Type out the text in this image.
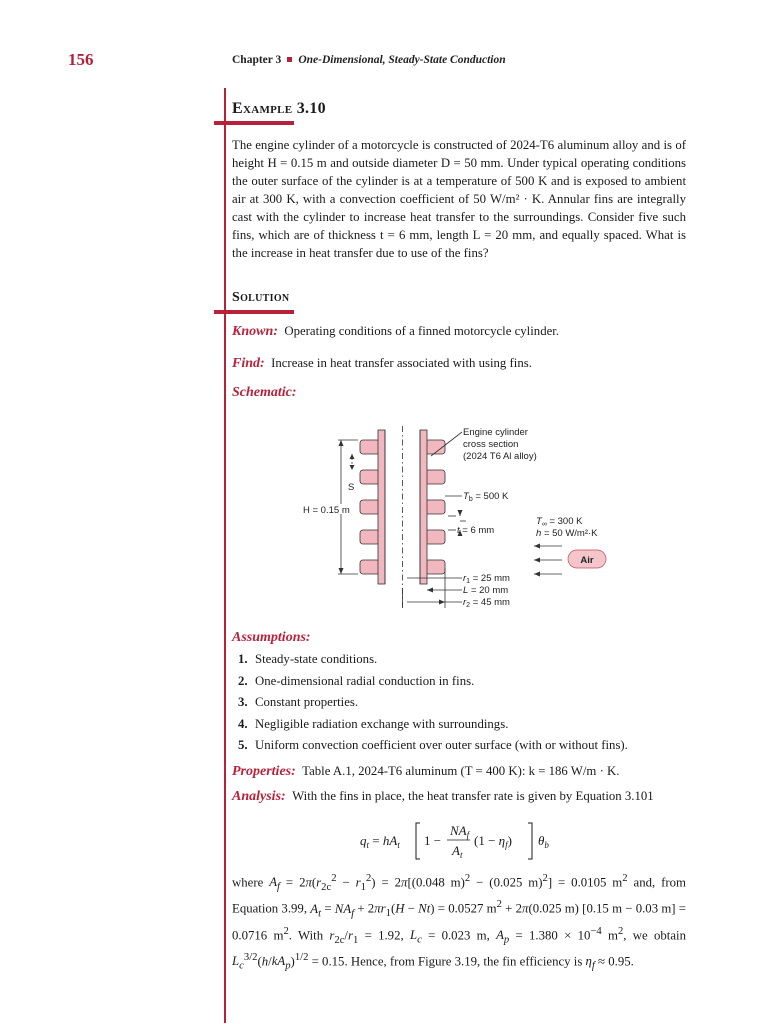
156	Chapter 3 One-Dimensional, Steady-State Conduction
Example 3.10
The engine cylinder of a motorcycle is constructed of 2024-T6 aluminum alloy and is of height H = 0.15 m and outside diameter D = 50 mm. Under typical operating conditions the outer surface of the cylinder is at a temperature of 500 K and is exposed to ambient air at 300 K, with a convection coefficient of 50 W/m² · K. Annular fins are integrally cast with the cylinder to increase heat transfer to the surroundings. Consider five such fins, which are of thickness t = 6 mm, length L = 20 mm, and equally spaced. What is the increase in heat transfer due to use of the fins?
Solution
Known: Operating conditions of a finned motorcycle cylinder.
Find: Increase in heat transfer associated with using fins.
Schematic:
Engine cylinder
cross section
(2024 T6 Al alloy)
$T_b = 500$ K
H = 0.15 m
S
t = 6 mm
$T_\infty = 300$ K
h = 50 W/m²·K
Air
$r_1 = 25$ mm
L = 20 mm
$r_2 = 45$ mm
Assumptions:
1. Steady-state conditions.
2. One-dimensional radial conduction in fins.
3. Constant properties.
4. Negligible radiation exchange with surroundings.
5. Uniform convection coefficient over outer surface (with or without fins).
Properties: Table A.1, 2024-T6 aluminum (T = 400 K): k = 186 W/m · K.
Analysis: With the fins in place, the heat transfer rate is given by Equation 3.101
$q_t = hA_t$ 1 −
$NA_f$
$A_t$
$(1 - \eta_f)$ $\theta_b$
where $A_f = 2\pi(r_{2c}^2 - r_1^2) = 2\pi[(0.048$ m)$^2$ − (0.025 m)$^2$] = 0.0105 $m^2$ and, from Equation 3.99, $A_t = NA_f + 2\pi r_1(H - Nt) = 0.0527$ $m^2 + 2\pi(0.025$ m) [0.15 m − 0.03 m] = 0.0716 $m^2$. With $r_{2c}/r_1 = 1.92$, $L_c = 0.023$ m, $A_p = 1.380 \times 10^{-4}$ $m^2$, we obtain $L_c^{3/2}(h/kA_p)^{1/2} = 0.15$. Hence, from Figure 3.19, the fin efficiency is $\eta_f \approx 0.95$.
